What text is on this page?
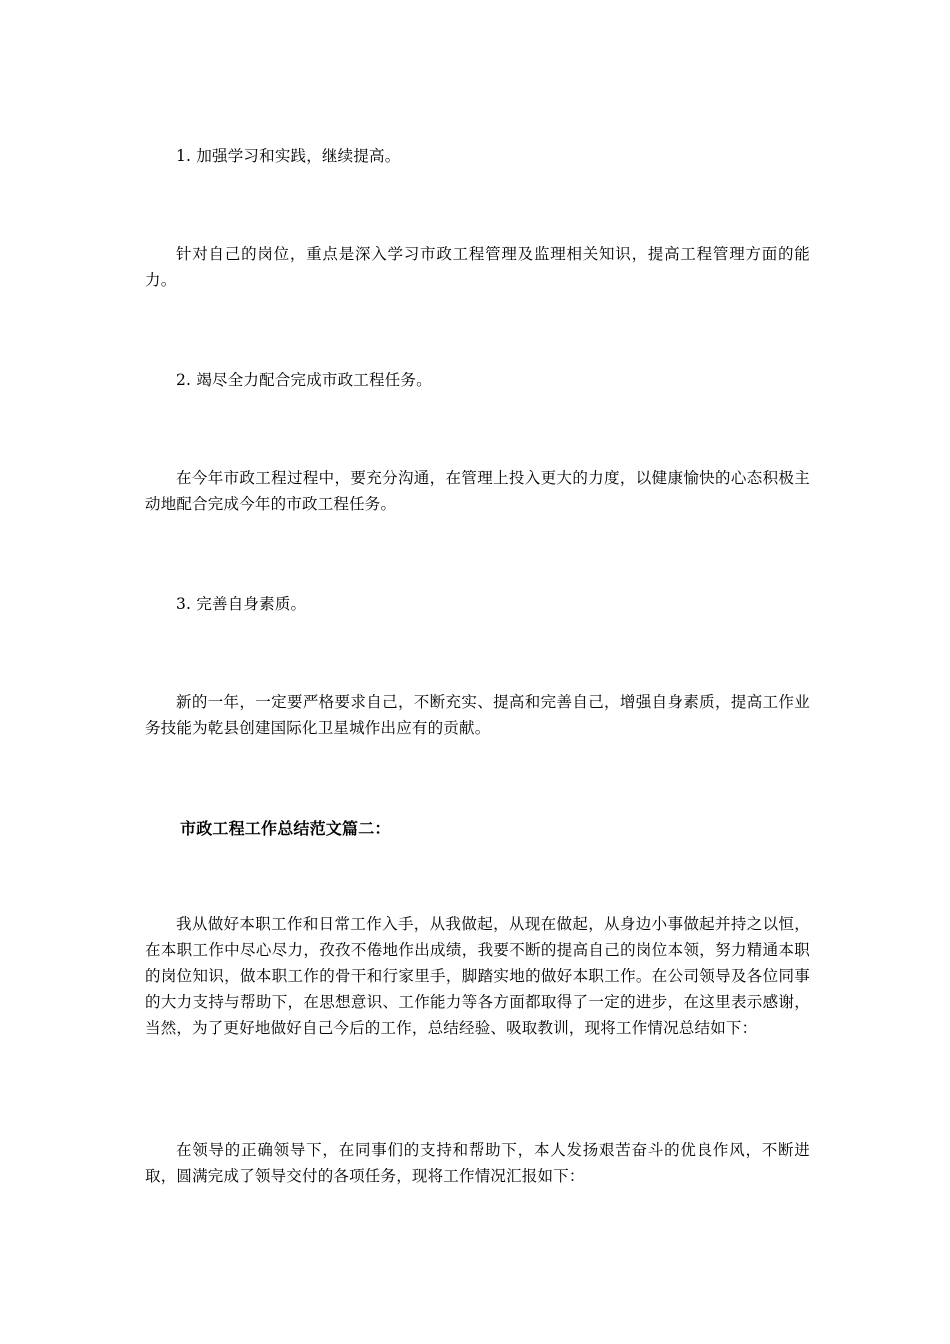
1. 加强学习和实践，继续提高。
针对自己的岗位，重点是深入学习市政工程管理及监理相关知识，提高工程管理方面的能力。
2. 竭尽全力配合完成市政工程任务。
在今年市政工程过程中，要充分沟通，在管理上投入更大的力度，以健康愉快的心态积极主动地配合完成今年的市政工程任务。
3. 完善自身素质。
新的一年，一定要严格要求自己，不断充实、提高和完善自己，增强自身素质，提高工作业务技能为乾县创建国际化卫星城作出应有的贡献。
市政工程工作总结范文篇二：
我从做好本职工作和日常工作入手，从我做起，从现在做起，从身边小事做起并持之以恒，在本职工作中尽心尽力，孜孜不倦地作出成绩，我要不断的提高自己的岗位本领，努力精通本职的岗位知识，做本职工作的骨干和行家里手，脚踏实地的做好本职工作。在公司领导及各位同事的大力支持与帮助下，在思想意识、工作能力等各方面都取得了一定的进步，在这里表示感谢，当然，为了更好地做好自己今后的工作，总结经验、吸取教训，现将工作情况总结如下：
在领导的正确领导下，在同事们的支持和帮助下，本人发扬艰苦奋斗的优良作风，不断进取，圆满完成了领导交付的各项任务，现将工作情况汇报如下：
